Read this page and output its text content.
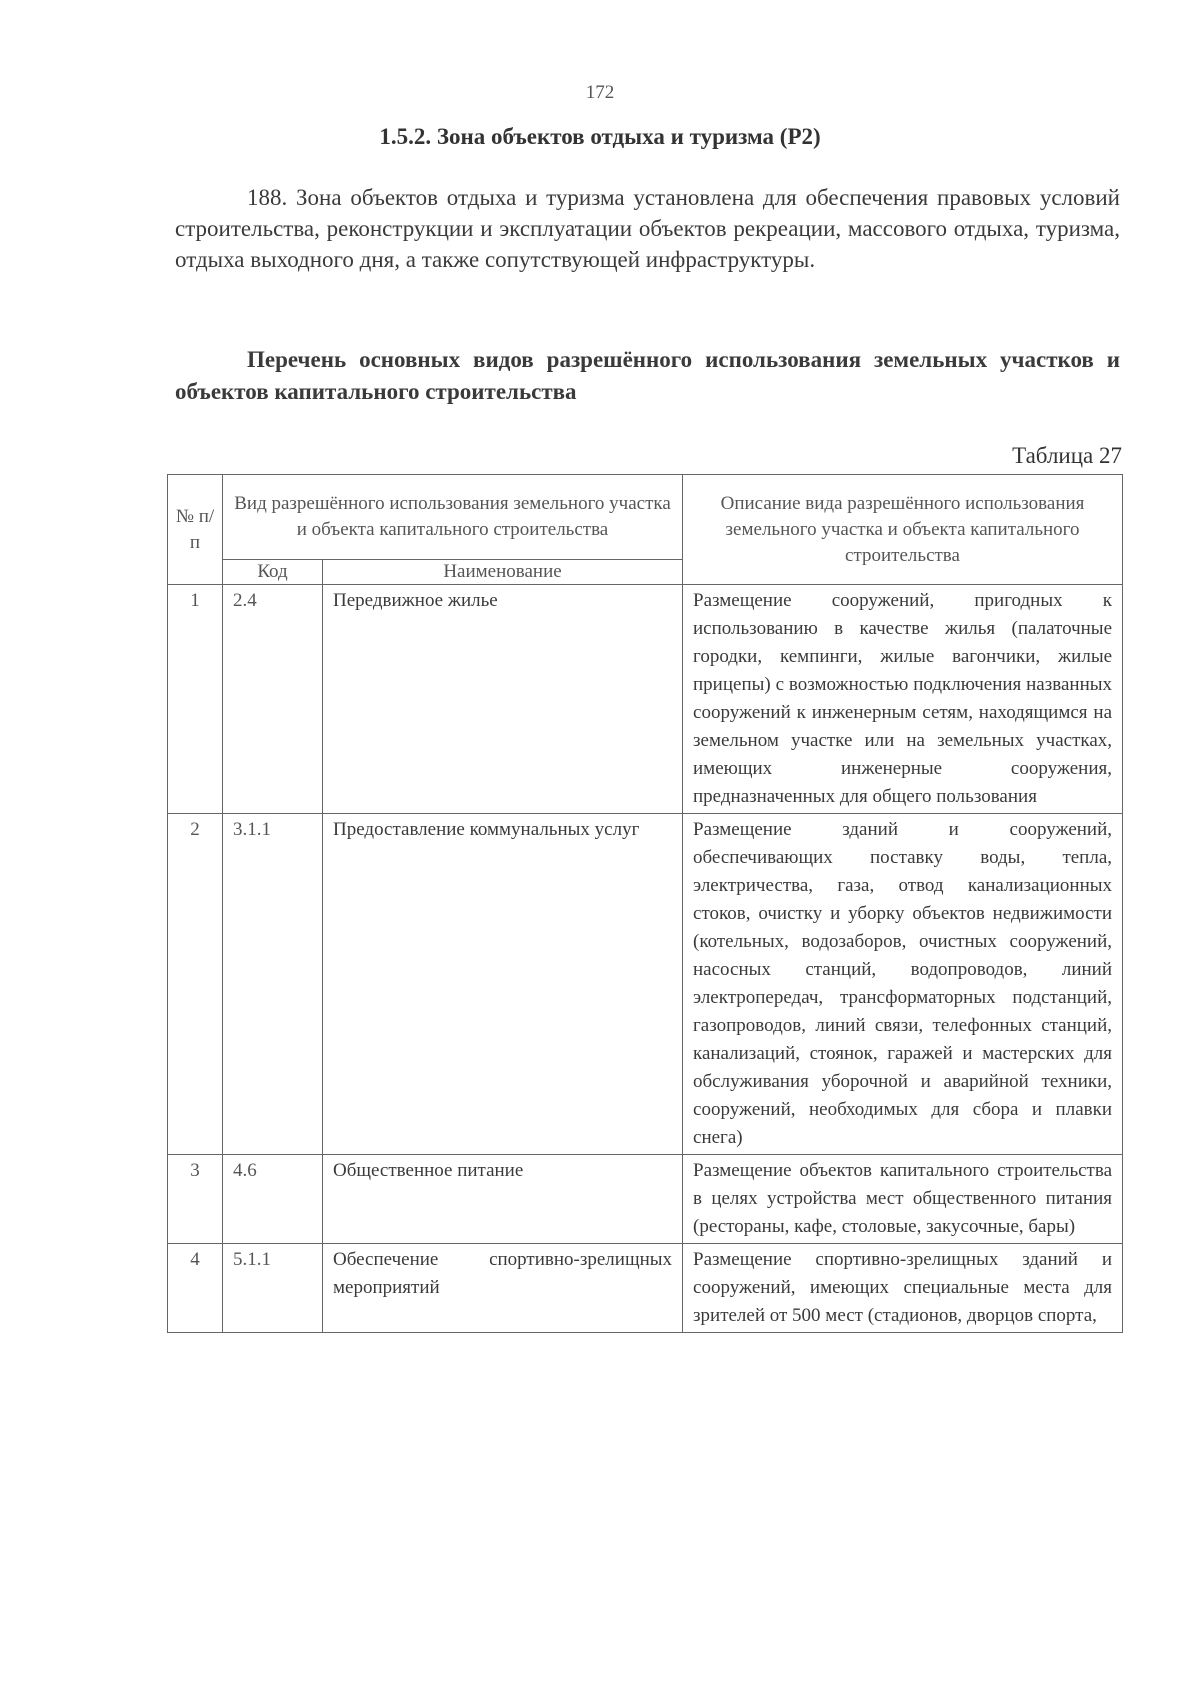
172
1.5.2. Зона объектов отдыха и туризма (Р2)
188. Зона объектов отдыха и туризма установлена для обеспечения правовых условий строительства, реконструкции и эксплуатации объектов рекреации, массового отдыха, туризма, отдыха выходного дня, а также сопутствующей инфраструктуры.
Перечень основных видов разрешённого использования земельных участков и объектов капитального строительства
Таблица 27
№ п/п	Вид разрешённого использования земельного участка и объекта капитального строительства		Описание вида разрешённого использования земельного участка и объекта капитального строительства
	Код	Наименование	
1	2.4	Передвижное жилье	Размещение сооружений, пригодных к использованию в качестве жилья (палаточные городки, кемпинги, жилые вагончики, жилые прицепы) с возможностью подключения названных сооружений к инженерным сетям, находящимся на земельном участке или на земельных участках, имеющих инженерные сооружения, предназначенных для общего пользования
2	3.1.1	Предоставление коммунальных услуг	Размещение зданий и сооружений, обеспечивающих поставку воды, тепла, электричества, газа, отвод канализационных стоков, очистку и уборку объектов недвижимости (котельных, водозаборов, очистных сооружений, насосных станций, водопроводов, линий электропередач, трансформаторных подстанций, газопроводов, линий связи, телефонных станций, канализаций, стоянок, гаражей и мастерских для обслуживания уборочной и аварийной техники, сооружений, необходимых для сбора и плавки снега)
3	4.6	Общественное питание	Размещение объектов капитального строительства в целях устройства мест общественного питания (рестораны, кафе, столовые, закусочные, бары)
4	5.1.1	Обеспечение спортивно-зрелищных мероприятий	Размещение спортивно-зрелищных зданий и сооружений, имеющих специальные места для зрителей от 500 мест (стадионов, дворцов спорта,
